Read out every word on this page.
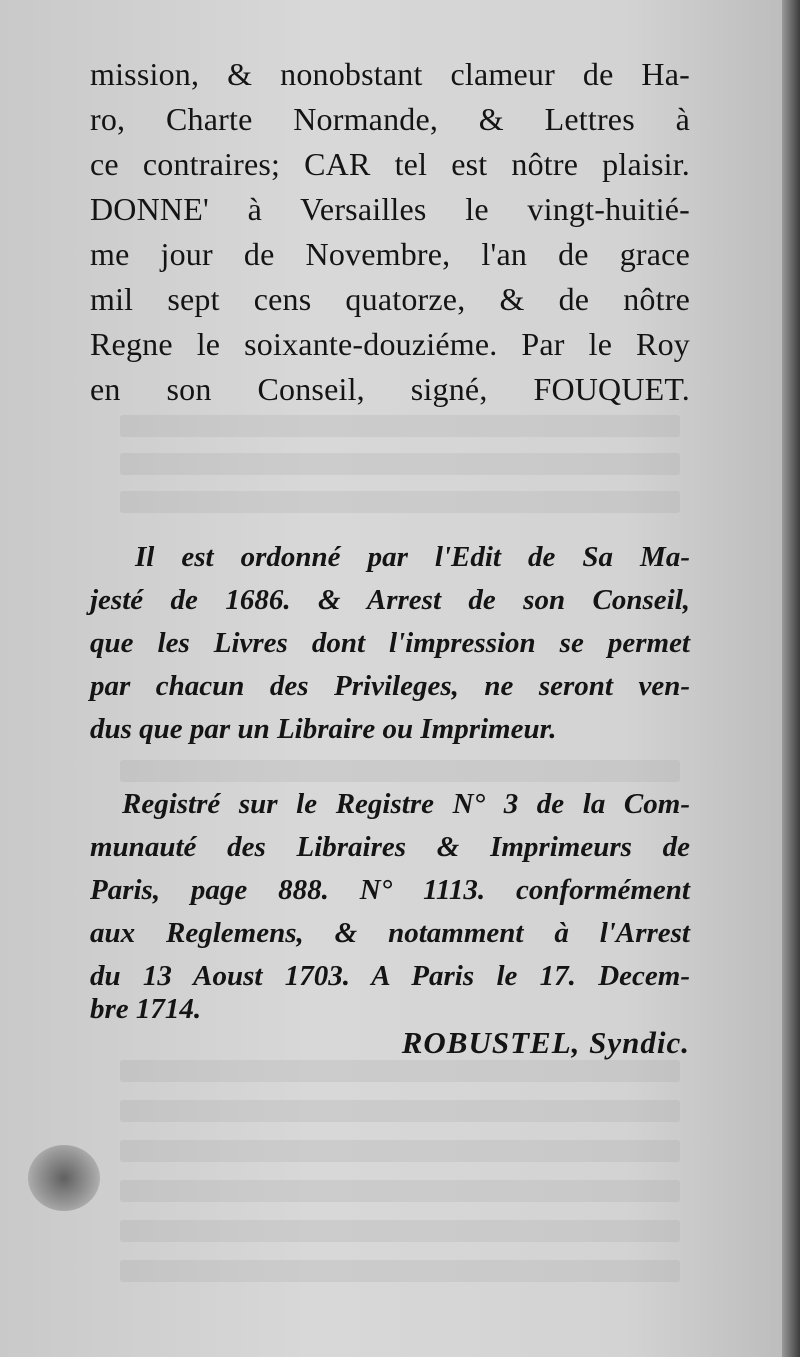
mission, & nonobstant clameur de Ha-
ro, Charte Normande, & Lettres à
ce contraires; CAR tel est nôtre plaisir.
DONNE' à Versailles le vingt-huitié-
me jour de Novembre, l'an de grace
mil sept cens quatorze, & de nôtre
Regne le soixante-douziéme. Par le Roy
en son Conseil, signé, FOUQUET.
Il est ordonné par l'Edit de Sa Ma-
jesté de 1686. & Arrest de son Conseil,
que les Livres dont l'impression se permet
par chacun des Privileges, ne seront ven-
dus que par un Libraire ou Imprimeur.
Registré sur le Registre N° 3 de la Com-
munauté des Libraires & Imprimeurs de
Paris, page 888. N° 1113. conformément
aux Reglemens, & notamment à l'Arrest
du 13 Aoust 1703. A Paris le 17. Decem-
bre 1714.
ROBUSTEL, Syndic.
